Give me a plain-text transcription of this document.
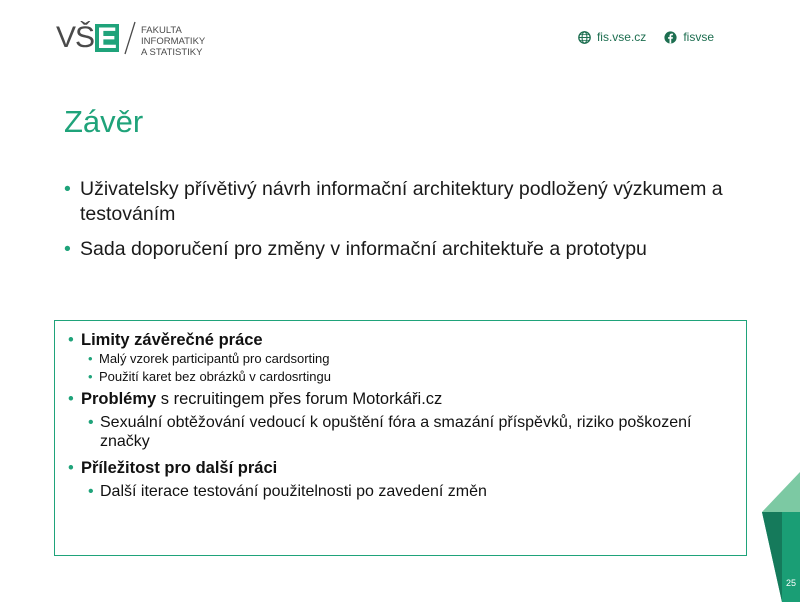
VŠ E	FAKULTA
INFORMATIKY
A STATISTIKY
fis.vse.cz	fisvse
Závěr
• Uživatelsky přívětivý návrh informační architektury podložený výzkumem a testováním
• Sada doporučení pro změny v informační architektuře a prototypu
• Limity závěrečné práce
• Malý vzorek participantů pro cardsorting
• Použití karet bez obrázků v cardosrtingu
• Problémy s recruitingem přes forum Motorkáři.cz
• Sexuální obtěžování vedoucí k opuštění fóra a smazání příspěvků, riziko poškození značky
• Příležitost pro další práci
• Další iterace testování použitelnosti po zavedení změn
25
